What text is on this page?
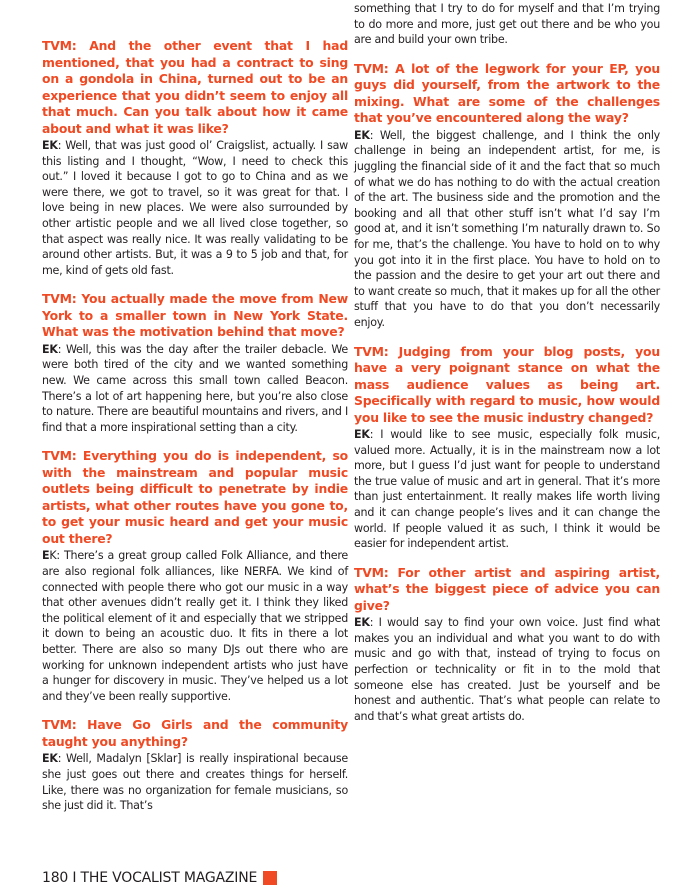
TVM: And the other event that I had mentioned, that you had a contract to sing on a gondola in China, turned out to be an experience that you didn’t seem to enjoy all that much. Can you talk about how it came about and what it was like?

EK: Well, that was just good ol’ Craigslist, actually. I saw this listing and I thought, “Wow, I need to check this out.” I loved it because I got to go to China and as we were there, we got to travel, so it was great for that. I love being in new places. We were also surrounded by other artistic people and we all lived close together, so that aspect was really nice. It was really validating to be around other artists. But, it was a 9 to 5 job and that, for me, kind of gets old fast.

TVM: You actually made the move from New York to a smaller town in New York State. What was the motivation behind that move?

EK: Well, this was the day after the trailer debacle. We were both tired of the city and we wanted something new. We came across this small town called Beacon. There’s a lot of art happening here, but you’re also close to nature. There are beautiful mountains and rivers, and I find that a more inspirational setting than a city.

TVM: Everything you do is independent, so with the mainstream and popular music outlets being difficult to penetrate by indie artists, what other routes have you gone to, to get your music heard and get your music out there?

EK: There’s a great group called Folk Alliance, and there are also regional folk alliances, like NERFA. We kind of connected with people there who got our music in a way that other avenues didn’t really get it. I think they liked the political element of it and especially that we stripped it down to being an acoustic duo. It fits in there a lot better. There are also so many DJs out there who are working for unknown independent artists who just have a hunger for discovery in music. They’ve helped us a lot and they’ve been really supportive.

TVM: Have Go Girls and the community taught you anything?

EK: Well, Madalyn [Sklar] is really inspirational because she just goes out there and creates things for herself. Like, there was no organization for female musicians, so she just did it. That’s

something that I try to do for myself and that I’m trying to do more and more, just get out there and be who you are and build your own tribe.

TVM: A lot of the legwork for your EP, you guys did yourself, from the artwork to the mixing. What are some of the challenges that you’ve encountered along the way?

EK: Well, the biggest challenge, and I think the only challenge in being an independent artist, for me, is juggling the financial side of it and the fact that so much of what we do has nothing to do with the actual creation of the art. The business side and the promotion and the booking and all that other stuff isn’t what I’d say I’m good at, and it isn’t something I’m naturally drawn to. So for me, that’s the challenge. You have to hold on to why you got into it in the first place. You have to hold on to the passion and the desire to get your art out there and to want create so much, that it makes up for all the other stuff that you have to do that you don’t necessarily enjoy.

TVM: Judging from your blog posts, you have a very poignant stance on what the mass audience values as being art. Specifically with regard to music, how would you like to see the music industry changed?

EK: I would like to see music, especially folk music, valued more. Actually, it is in the mainstream now a lot more, but I guess I’d just want for people to understand the true value of music and art in general. That it’s more than just entertainment. It really makes life worth living and it can change people’s lives and it can change the world. If people valued it as such, I think it would be easier for independent artist.

TVM: For other artist and aspiring artist, what’s the biggest piece of advice you can give?

EK: I would say to find your own voice. Just find what makes you an individual and what you want to do with music and go with that, instead of trying to focus on perfection or technicality or fit in to the mold that someone else has created. Just be yourself and be honest and authentic. That’s what people can relate to and that’s what great artists do.

180 I THE VOCALIST MAGAZINE
